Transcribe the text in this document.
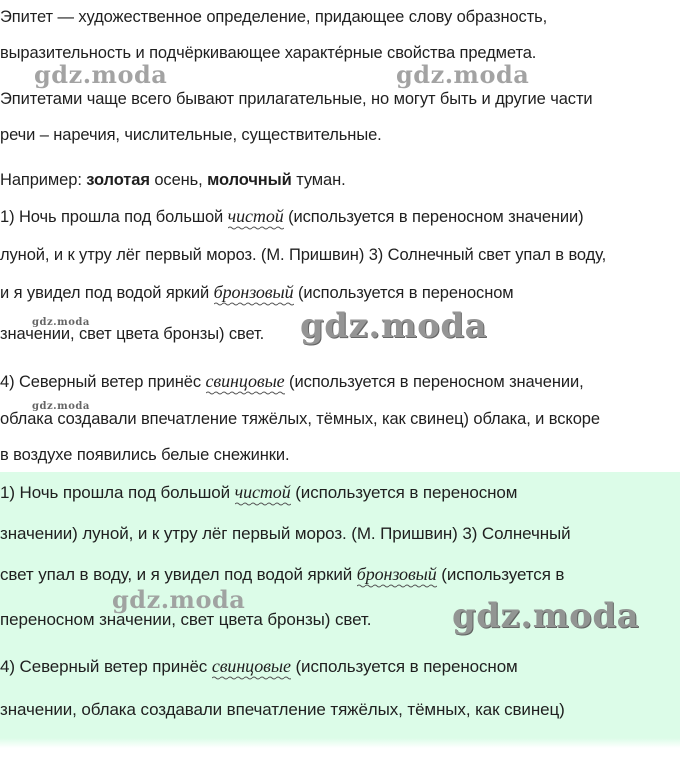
Эпитет — художественное определение, придающее слову образность,
выразительность и подчёркивающее характе́рные свойства предмета.
Эпитетами чаще всего бывают прилагательные, но могут быть и другие части
речи – наречия, числительные, существительные.
Например: золотая осень, молочный туман.
1) Ночь прошла под большой чистой (используется в переносном значении)
луной, и к утру лёг первый мороз. (М. Пришвин) 3) Солнечный свет упал в воду,
и я увидел под водой яркий бронзовый (используется в переносном
значении, свет цвета бронзы) свет.
4) Северный ветер принёс свинцовые (используется в переносном значении,
облака создавали впечатление тяжёлых, тёмных, как свинец) облака, и вскоре
в воздухе появились белые снежинки.
1) Ночь прошла под большой чистой (используется в переносном
значении) луной, и к утру лёг первый мороз. (М. Пришвин) 3) Солнечный
свет упал в воду, и я увидел под водой яркий бронзовый (используется в
переносном значении, свет цвета бронзы) свет.
4) Северный ветер принёс свинцовые (используется в переносном
значении, облака создавали впечатление тяжёлых, тёмных, как свинец)
gdz.moda	gdz.moda
gdz.moda	gdz.moda
gdz.moda
gdz.moda	gdz.moda
